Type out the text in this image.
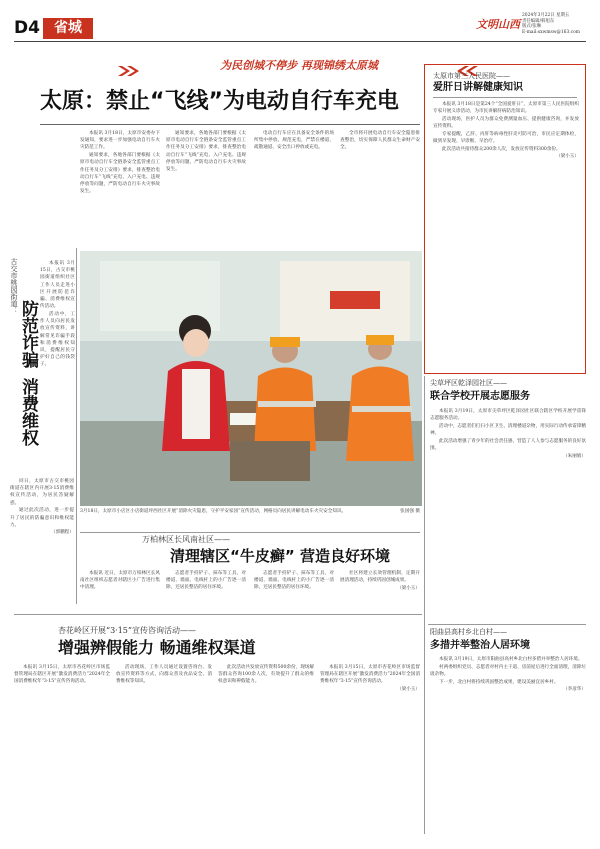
D4	省城	文明山西
2024年3月22日 星期五
责任编辑/韩旭东
版式/张琳
E-mail:sxwmsw@163.com
为民创城不停步 再现锦绣太原城
太原：禁止“飞线”为电动自行车充电

本报讯 3月18日，太原市安委办下发通知，要求进一步加强电动自行车火灾防范工作。

通知要求，各地各部门要根据《太原市电动自行车全链条安全监管重点工作任务及分工安排》要求，排查整治电动自行车“飞线”充电、入户充电、违规停放等问题，严防电动自行车火灾事故发生。

通知要求，各地各部门要根据《太原市电动自行车全链条安全监管重点工作任务及分工安排》要求，排查整治电动自行车“飞线”充电、入户充电、违规停放等问题，严防电动自行车火灾事故发生。

电动自行车应在具备安全条件的场所集中停放、规范充电，严禁在楼道、疏散通道、安全出口停放或充电。

全市将开展电动自行车安全隐患排查整治，切实保障人民群众生命财产安全。

3月18日，太原市小店区小店街道坪西社区开展“消除火灾隐患，守护平安家园”宣传活动，网格员向居民讲解电动车火灾安全知识。	张国强 摄
古交市桃园街道：
防范诈骗
消费维权

本报讯 3月15日，古交市桃园街道组织社区工作人员走进小区开展防范诈骗、消费维权宣传活动。

活动中，工作人员向居民发放宣传资料，讲解常见诈骗手段和消费维权知识，提醒居民守护好自己的钱袋子。

同日，太原市古交市桃园街道在辖区内开展3·15消费维权宣传活动，为居民答疑解惑。

通过此次活动，进一步提升了居民的防骗意识和维权能力。

（郭鹏程）

万柏林区长风南社区——
清理辖区“牛皮癣” 营造良好环境

本报讯 近日，太原市万柏林区长风南社区组织志愿者对辖区小广告进行集中清理。

志愿者手持铲子、抹布等工具，对楼道、墙面、电线杆上的小广告逐一清除，还居民整洁的居住环境。

志愿者手持铲子、抹布等工具，对楼道、墙面、电线杆上的小广告逐一清除，还居民整洁的居住环境。

社区将建立长效管理机制，定期开展清理活动，持续巩固创城成果。

（梁小玉）

太原市第三人民医院——
爱肝日讲解健康知识

本报讯 3月18日是第24个“全国爱肝日”，太原市第三人民医院组织专家开展义诊活动，为市民讲解肝病防治知识。

活动现场，医护人员为群众免费测量血压、提供健康咨询，并发放宣传资料。

专家提醒，乙肝、丙肝等病毒性肝炎可防可治，市民应定期体检，做到早发现、早诊断、早治疗。

此次活动共接待群众200余人次，发放宣传资料300余份。

（梁小玉）

尖草坪区乾泽园社区——
联合学校开展志愿服务

本报讯 3月19日，太原市尖草坪区乾泽园社区联合辖区学校开展学雷锋志愿服务活动。

活动中，志愿者们打扫小区卫生、清理楼道杂物，用实际行动传承雷锋精神。

此次活动增强了青少年的社会责任感，营造了人人参与志愿服务的良好氛围。

（朱丽娟）

阳曲县高村乡北白村——
多措并举整治人居环境

本报讯 3月19日，太原市阳曲县高村乡北白村多措并举整治人居环境。

村两委组织党员、志愿者对村内主干道、房前屋后进行全面清理，清除垃圾杂物。

下一步，北白村将持续巩固整治成果，建设美丽宜居乡村。

（李彦华）

杏花岭区开展“3·15”宣传咨询活动——
增强辨假能力 畅通维权渠道

本报讯 3月15日，太原市杏花岭区市场监督管理局在辖区开展“激发消费活力”2024年全国消费维权年“3·15”宣传咨询活动。

活动现场，工作人员通过设置咨询台、发放宣传资料等方式，向群众普及食品安全、消费维权等知识。

此次活动共发放宣传资料500余份，现场解答群众咨询100余人次，有效提升了群众的维权意识和辨假能力。

本报讯 3月15日，太原市杏花岭区市场监督管理局在辖区开展“激发消费活力”2024年全国消费维权年“3·15”宣传咨询活动。

（梁小玉）
